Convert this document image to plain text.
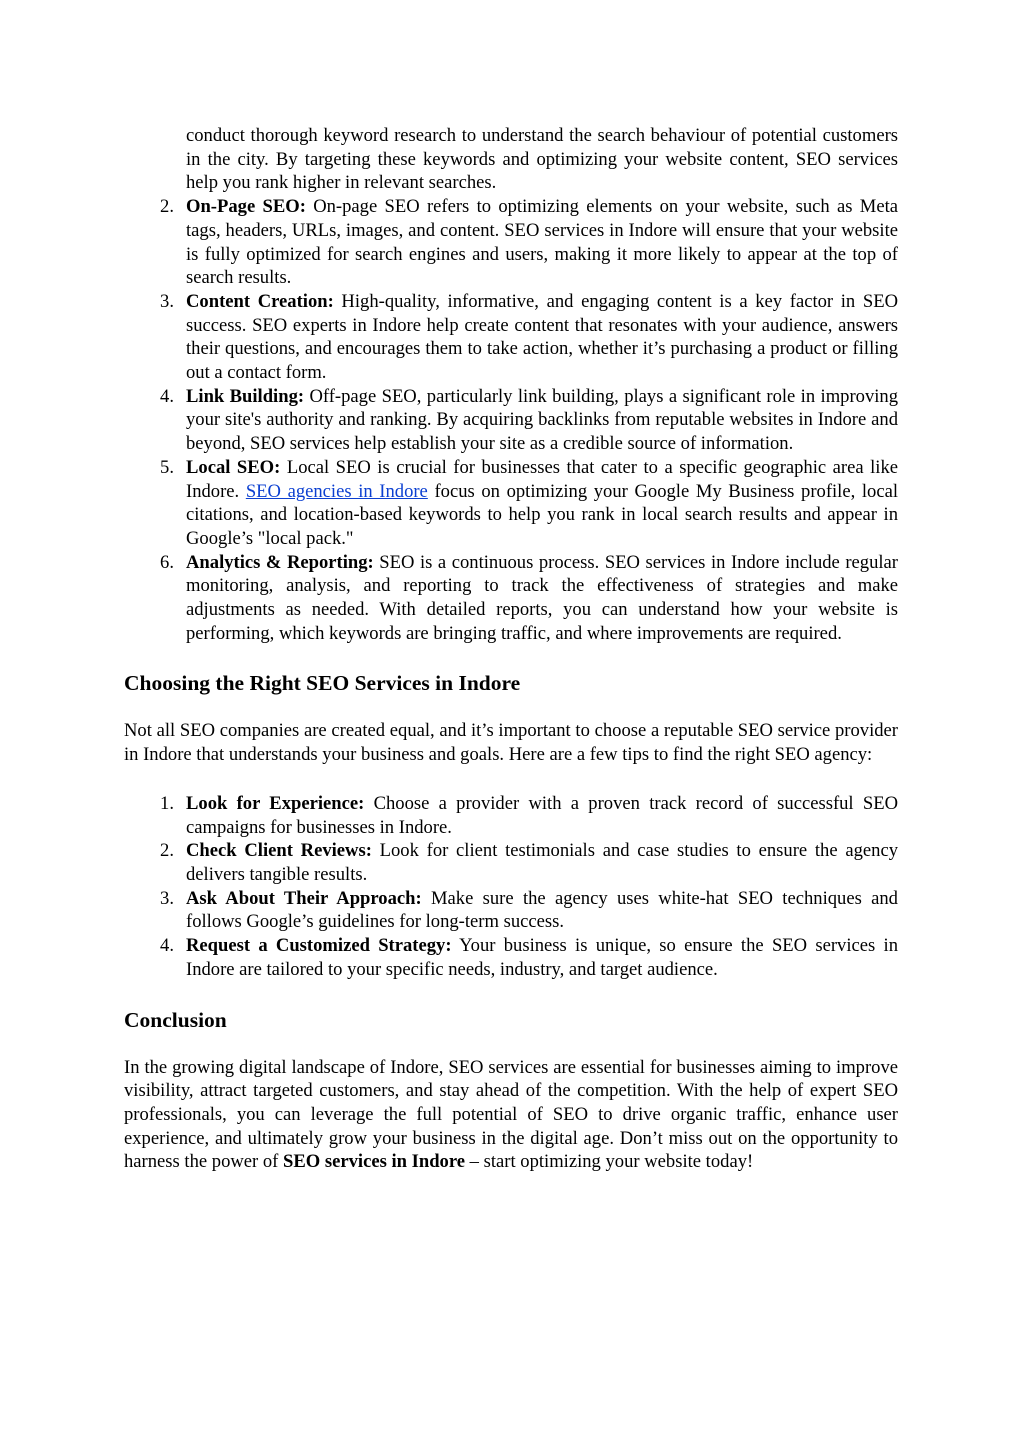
conduct thorough keyword research to understand the search behaviour of potential customers in the city. By targeting these keywords and optimizing your website content, SEO services help you rank higher in relevant searches.

2. On-Page SEO: On-page SEO refers to optimizing elements on your website, such as Meta tags, headers, URLs, images, and content. SEO services in Indore will ensure that your website is fully optimized for search engines and users, making it more likely to appear at the top of search results.
3. Content Creation: High-quality, informative, and engaging content is a key factor in SEO success. SEO experts in Indore help create content that resonates with your audience, answers their questions, and encourages them to take action, whether it’s purchasing a product or filling out a contact form.
4. Link Building: Off-page SEO, particularly link building, plays a significant role in improving your site's authority and ranking. By acquiring backlinks from reputable websites in Indore and beyond, SEO services help establish your site as a credible source of information.
5. Local SEO: Local SEO is crucial for businesses that cater to a specific geographic area like Indore. SEO agencies in Indore focus on optimizing your Google My Business profile, local citations, and location-based keywords to help you rank in local search results and appear in Google’s "local pack."
6. Analytics & Reporting: SEO is a continuous process. SEO services in Indore include regular monitoring, analysis, and reporting to track the effectiveness of strategies and make adjustments as needed. With detailed reports, you can understand how your website is performing, which keywords are bringing traffic, and where improvements are required.
Choosing the Right SEO Services in Indore

Not all SEO companies are created equal, and it’s important to choose a reputable SEO service provider in Indore that understands your business and goals. Here are a few tips to find the right SEO agency:

1. Look for Experience: Choose a provider with a proven track record of successful SEO campaigns for businesses in Indore.
2. Check Client Reviews: Look for client testimonials and case studies to ensure the agency delivers tangible results.
3. Ask About Their Approach: Make sure the agency uses white-hat SEO techniques and follows Google’s guidelines for long-term success.
4. Request a Customized Strategy: Your business is unique, so ensure the SEO services in Indore are tailored to your specific needs, industry, and target audience.
Conclusion

In the growing digital landscape of Indore, SEO services are essential for businesses aiming to improve visibility, attract targeted customers, and stay ahead of the competition. With the help of expert SEO professionals, you can leverage the full potential of SEO to drive organic traffic, enhance user experience, and ultimately grow your business in the digital age. Don’t miss out on the opportunity to harness the power of SEO services in Indore – start optimizing your website today!
